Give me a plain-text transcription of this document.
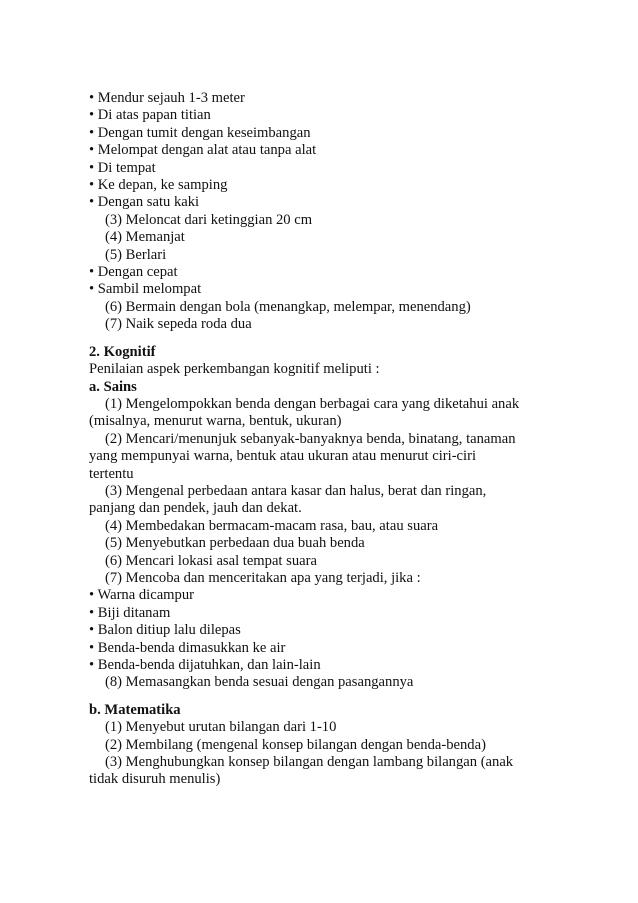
• Mendur sejauh 1-3 meter
• Di atas papan titian
• Dengan tumit dengan keseimbangan
• Melompat dengan alat atau tanpa alat
• Di tempat
• Ke depan, ke samping
• Dengan satu kaki
(3) Meloncat dari ketinggian 20 cm
(4) Memanjat
(5) Berlari
• Dengan cepat
• Sambil melompat
(6) Bermain dengan bola (menangkap, melempar, menendang)
(7) Naik sepeda roda dua
2. Kognitif
Penilaian aspek perkembangan kognitif meliputi :
a. Sains
(1) Mengelompokkan benda dengan berbagai cara yang diketahui anak
(misalnya, menurut warna, bentuk, ukuran)
(2) Mencari/menunjuk sebanyak-banyaknya benda, binatang, tanaman
yang mempunyai warna, bentuk atau ukuran atau menurut ciri-ciri
tertentu
(3) Mengenal perbedaan antara kasar dan halus, berat dan ringan,
panjang dan pendek, jauh dan dekat.
(4) Membedakan bermacam-macam rasa, bau, atau suara
(5) Menyebutkan perbedaan dua buah benda
(6) Mencari lokasi asal tempat suara
(7) Mencoba dan menceritakan apa yang terjadi, jika :
• Warna dicampur
• Biji ditanam
• Balon ditiup lalu dilepas
• Benda-benda dimasukkan ke air
• Benda-benda dijatuhkan, dan lain-lain
(8) Memasangkan benda sesuai dengan pasangannya
b. Matematika
(1) Menyebut urutan bilangan dari 1-10
(2) Membilang (mengenal konsep bilangan dengan benda-benda)
(3) Menghubungkan konsep bilangan dengan lambang bilangan (anak
tidak disuruh menulis)
